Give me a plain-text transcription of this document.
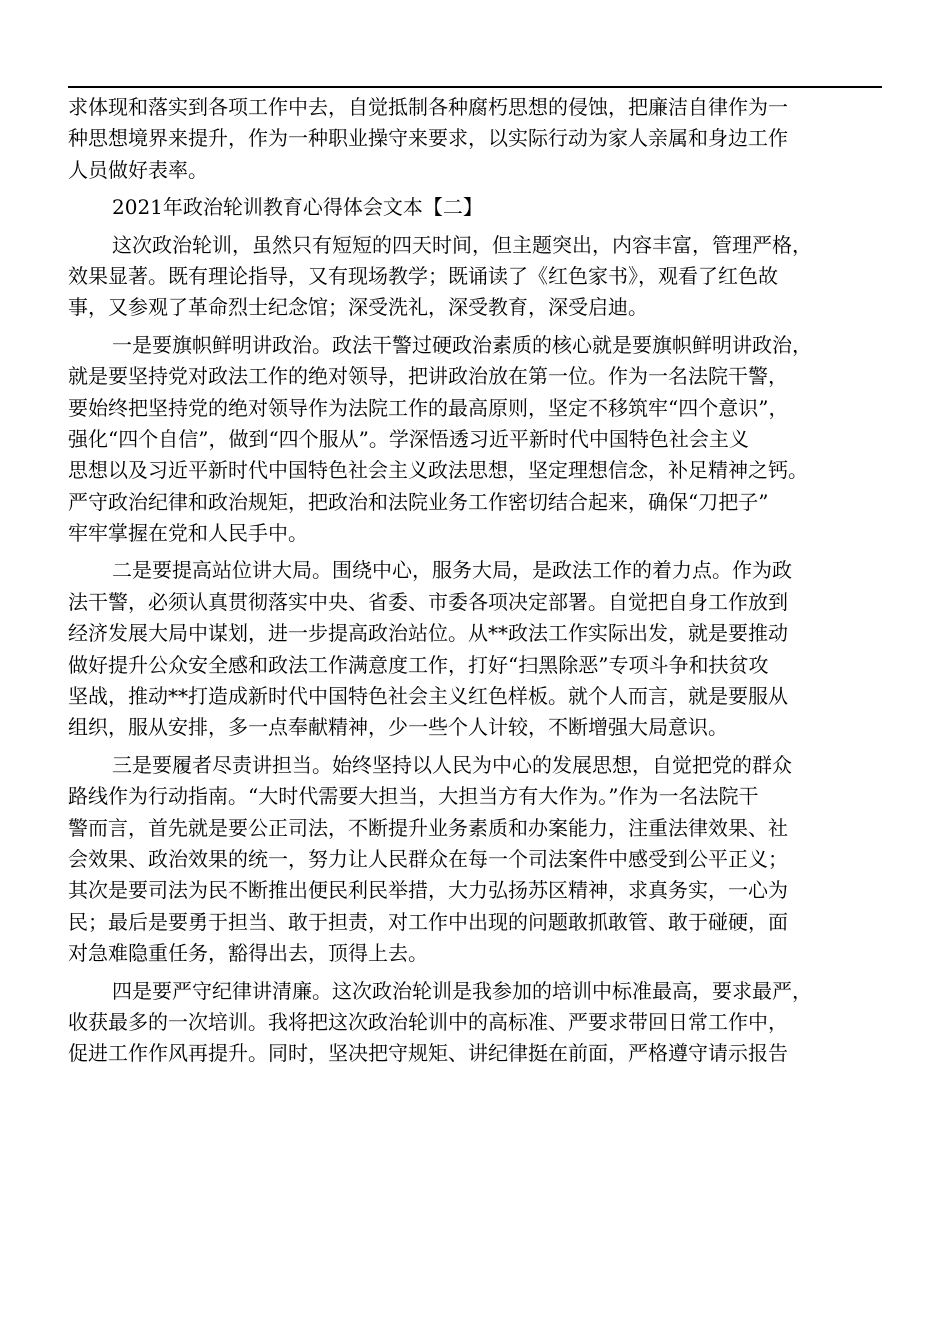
求体现和落实到各项工作中去，自觉抵制各种腐朽思想的侵蚀，把廉洁自律作为一
种思想境界来提升，作为一种职业操守来要求，以实际行动为家人亲属和身边工作
人员做好表率。
2021年政治轮训教育心得体会文本【二】
这次政治轮训，虽然只有短短的四天时间，但主题突出，内容丰富，管理严格，
效果显著。既有理论指导，又有现场教学；既诵读了《红色家书》，观看了红色故
事，又参观了革命烈士纪念馆；深受洗礼，深受教育，深受启迪。
一是要旗帜鲜明讲政治。政法干警过硬政治素质的核心就是要旗帜鲜明讲政治，
就是要坚持党对政法工作的绝对领导，把讲政治放在第一位。作为一名法院干警，
要始终把坚持党的绝对领导作为法院工作的最高原则，坚定不移筑牢“四个意识”，
强化“四个自信”，做到“四个服从”。学深悟透习近平新时代中国特色社会主义
思想以及习近平新时代中国特色社会主义政法思想，坚定理想信念，补足精神之钙。
严守政治纪律和政治规矩，把政治和法院业务工作密切结合起来，确保“刀把子”
牢牢掌握在党和人民手中。
二是要提高站位讲大局。围绕中心，服务大局，是政法工作的着力点。作为政
法干警，必须认真贯彻落实中央、省委、市委各项决定部署。自觉把自身工作放到
经济发展大局中谋划，进一步提高政治站位。从**政法工作实际出发，就是要推动
做好提升公众安全感和政法工作满意度工作，打好“扫黑除恶”专项斗争和扶贫攻
坚战，推动**打造成新时代中国特色社会主义红色样板。就个人而言，就是要服从
组织，服从安排，多一点奉献精神，少一些个人计较，不断增强大局意识。
三是要履者尽责讲担当。始终坚持以人民为中心的发展思想，自觉把党的群众
路线作为行动指南。“大时代需要大担当，大担当方有大作为。”作为一名法院干
警而言，首先就是要公正司法，不断提升业务素质和办案能力，注重法律效果、社
会效果、政治效果的统一，努力让人民群众在每一个司法案件中感受到公平正义；
其次是要司法为民不断推出便民利民举措，大力弘扬苏区精神，求真务实，一心为
民；最后是要勇于担当、敢于担责，对工作中出现的问题敢抓敢管、敢于碰硬，面
对急难隐重任务，豁得出去，顶得上去。
四是要严守纪律讲清廉。这次政治轮训是我参加的培训中标准最高，要求最严，
收获最多的一次培训。我将把这次政治轮训中的高标准、严要求带回日常工作中，
促进工作作风再提升。同时，坚决把守规矩、讲纪律挺在前面，严格遵守请示报告
